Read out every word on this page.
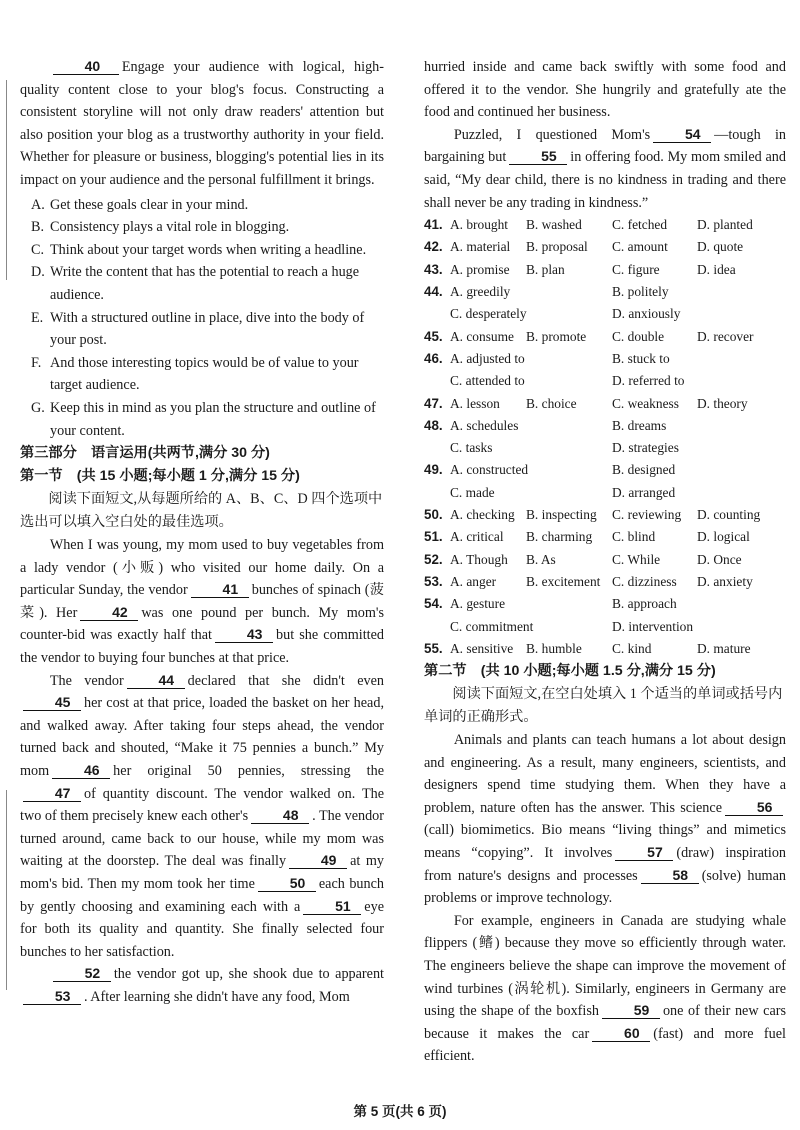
40 Engage your audience with logical, high-quality content close to your blog's focus. Constructing a consistent storyline will not only draw readers' attention but also position your blog as a trustworthy authority in your field. Whether for pleasure or business, blogging's potential lies in its impact on your audience and the personal fulfillment it brings.

A. Get these goals clear in your mind.

B. Consistency plays a vital role in blogging.

C. Think about your target words when writing a headline.

D. Write the content that has the potential to reach a huge audience.

E. With a structured outline in place, dive into the body of your post.

F. And those interesting topics would be of value to your target audience.

G. Keep this in mind as you plan the structure and outline of your content.

第三部分　语言运用(共两节,满分 30 分)

第一节　(共 15 小题;每小题 1 分,满分 15 分)

阅读下面短文,从每题所给的 A、B、C、D 四个选项中选出可以填入空白处的最佳选项。

When I was young, my mom used to buy vegetables from a lady vendor (小贩) who visited our home daily. On a particular Sunday, the vendor 41 bunches of spinach (菠菜). Her 42 was one pound per bunch. My mom's counter-bid was exactly half that 43 but she committed the vendor to buying four bunches at that price.

The vendor 44 declared that she didn't even45 her cost at that price, loaded the basket on her head, and walked away. After taking four steps ahead, the vendor turned back and shouted, “Make it 75 pennies a bunch.” My mom 46 her original 50 pennies, stressing the47 of quantity discount. The vendor walked on. The two of them precisely knew each other's 48 . The vendor turned around, came back to our house, while my mom was waiting at the doorstep. The deal was finally 49 at my mom's bid. Then my mom took her time 50 each bunch by gently choosing and examining each with a 51 eye for both its quality and quantity. She finally selected four bunches to her satisfaction.

52 the vendor got up, she shook due to apparent53 . After learning she didn't have any food, Mom

hurried inside and came back swiftly with some food and offered it to the vendor. She hungrily and gratefully ate the food and continued her business.

Puzzled, I questioned Mom's 54 —tough in bargaining but 55 in offering food. My mom smiled and said, “My dear child, there is no kindness in trading and there shall never be any trading in kindness.”

41. A. brought B. washed C. fetched D. planted
42. A. material B. proposal C. amount D. quote
43. A. promise B. plan	C. figure	D. idea
44. A. greedily	B. politely
C. desperately	D. anxiously
45. A. consume B. promote C. double D. recover
46. A. adjusted to	B. stuck to
C. attended to	D. referred to
47. A. lesson B. choice	C. weakness D. theory
48. A. schedules	B. dreams
C. tasks	D. strategies
49. A. constructed	B. designed
C. made	D. arranged
50. A. checking B. inspecting C. reviewing D. counting
51. A. critical B. charming C. blind	D. logical
52. A. Though B. As	C. While	D. Once
53. A. anger B. excitement C. dizziness D. anxiety
54. A. gesture	B. approach
C. commitment	D. intervention
55. A. sensitive B. humble C. kind	D. mature

第二节　(共 10 小题;每小题 1.5 分,满分 15 分)

阅读下面短文,在空白处填入 1 个适当的单词或括号内单词的正确形式。

Animals and plants can teach humans a lot about design and engineering. As a result, many engineers, scientists, and designers spend time studying them. When they have a problem, nature often has the answer. This science 56(call) biomimetics. Bio means “living things” and mimetics means “copying”. It involves 57 (draw) inspiration from nature's designs and processes 58 (solve) human problems or improve technology.

For example, engineers in Canada are studying whale flippers (鳍) because they move so efficiently through water. The engineers believe the shape can improve the movement of wind turbines (涡轮机). Similarly, engineers in Germany are using the shape of the boxfish 59 one of their new cars because it makes the car 60 (fast) and more fuel efficient.

第 5 页(共 6 页)
